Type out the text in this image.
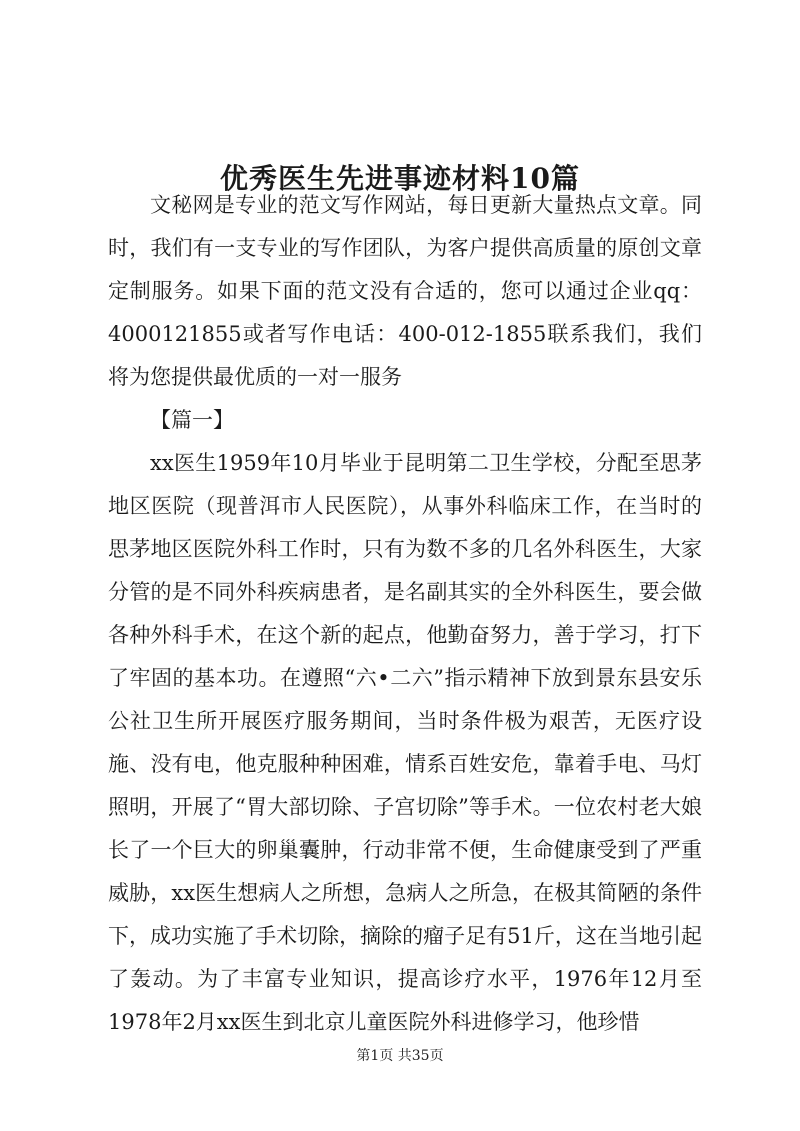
优秀医生先进事迹材料10篇

文秘网是专业的范文写作网站，每日更新大量热点文章。同时，我们有一支专业的写作团队，为客户提供高质量的原创文章定制服务。如果下面的范文没有合适的，您可以通过企业qq：4000121855或者写作电话：400-012-1855联系我们，我们将为您提供最优质的一对一服务

【篇一】

xx医生1959年10月毕业于昆明第二卫生学校，分配至思茅地区医院（现普洱市人民医院），从事外科临床工作，在当时的思茅地区医院外科工作时，只有为数不多的几名外科医生，大家分管的是不同外科疾病患者，是名副其实的全外科医生，要会做各种外科手术，在这个新的起点，他勤奋努力，善于学习，打下了牢固的基本功。在遵照“六•二六”指示精神下放到景东县安乐公社卫生所开展医疗服务期间，当时条件极为艰苦，无医疗设施、没有电，他克服种种困难，情系百姓安危，靠着手电、马灯照明，开展了“胃大部切除、子宫切除”等手术。一位农村老大娘长了一个巨大的卵巢囊肿，行动非常不便，生命健康受到了严重威胁，xx医生想病人之所想，急病人之所急，在极其简陋的条件下，成功实施了手术切除，摘除的瘤子足有51斤，这在当地引起了轰动。为了丰富专业知识，提高诊疗水平，1976年12月至1978年2月xx医生到北京儿童医院外科进修学习，他珍惜

第1页 共35页
